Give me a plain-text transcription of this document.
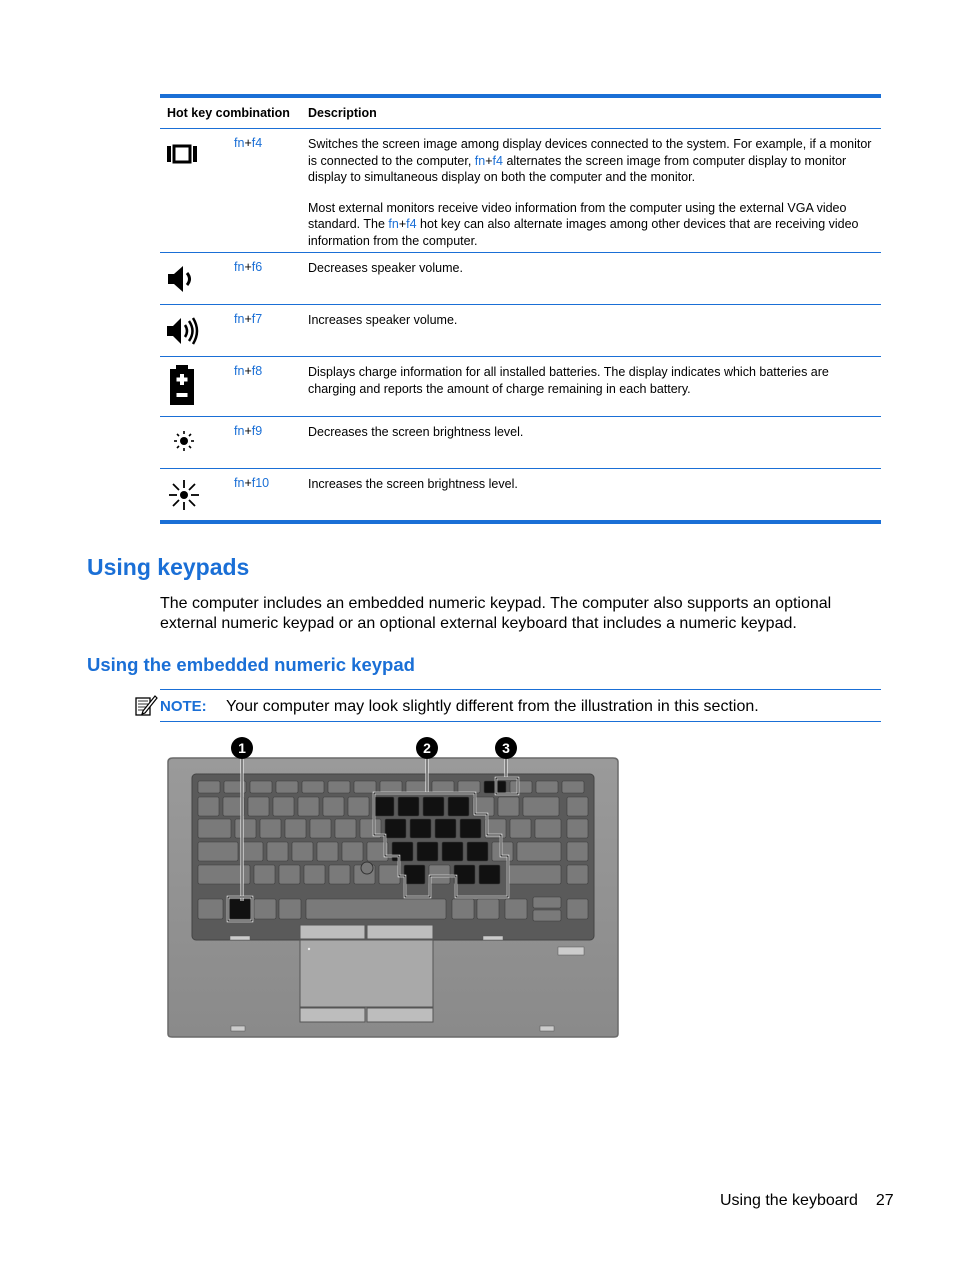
Hot key combination	Description
fn+f4	Switches the screen image among display devices connected to the system. For example, if a monitor is connected to the computer, fn+f4 alternates the screen image from computer display to monitor display to simultaneous display on both the computer and the monitor.

Most external monitors receive video information from the computer using the external VGA video standard. The fn+f4 hot key can also alternate images among other devices that are receiving video information from the computer.

fn+f6	Decreases speaker volume.
fn+f7	Increases speaker volume.
fn+f8	Displays charge information for all installed batteries. The display indicates which batteries are charging and reports the amount of charge remaining in each battery.
fn+f9	Decreases the screen brightness level.
fn+f10	Increases the screen brightness level.
Using keypads

The computer includes an embedded numeric keypad. The computer also supports an optional external numeric keypad or an optional external keyboard that includes a numeric keypad.

Using the embedded numeric keypad
NOTE: Your computer may look slightly different from the illustration in this section.
1	2	3
Using the keyboard 27
